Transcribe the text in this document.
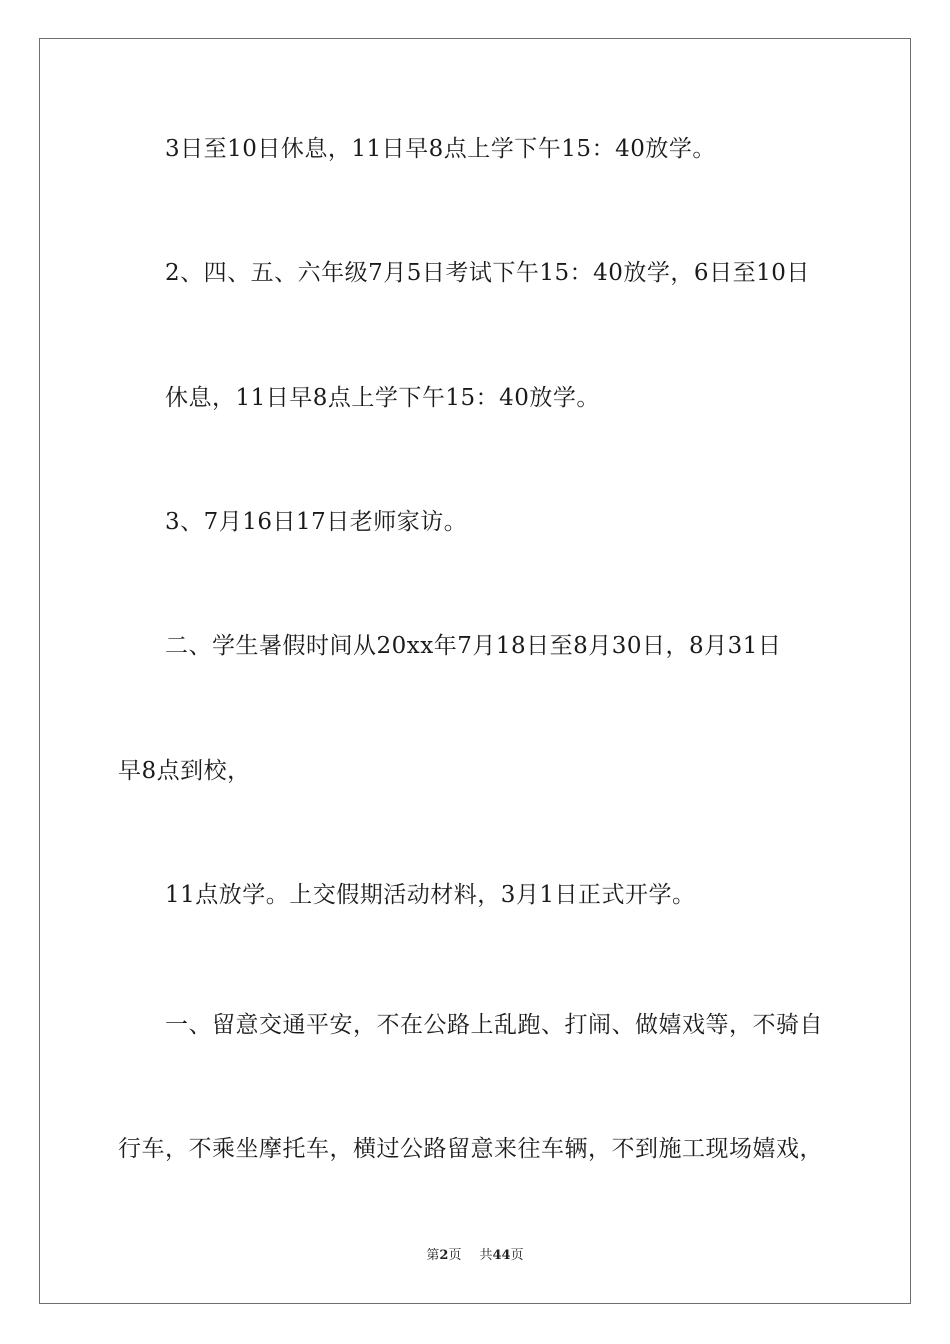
3日至10日休息，11日早8点上学下午15：40放学。
2、四、五、六年级7月5日考试下午15：40放学，6日至10日
休息，11日早8点上学下午15：40放学。
3、7月16日17日老师家访。
二、学生暑假时间从20xx年7月18日至8月30日，8月31日
早8点到校，
11点放学。上交假期活动材料，3月1日正式开学。
一、留意交通平安，不在公路上乱跑、打闹、做嬉戏等，不骑自
行车，不乘坐摩托车，横过公路留意来往车辆，不到施工现场嬉戏，
第2页 共44页
